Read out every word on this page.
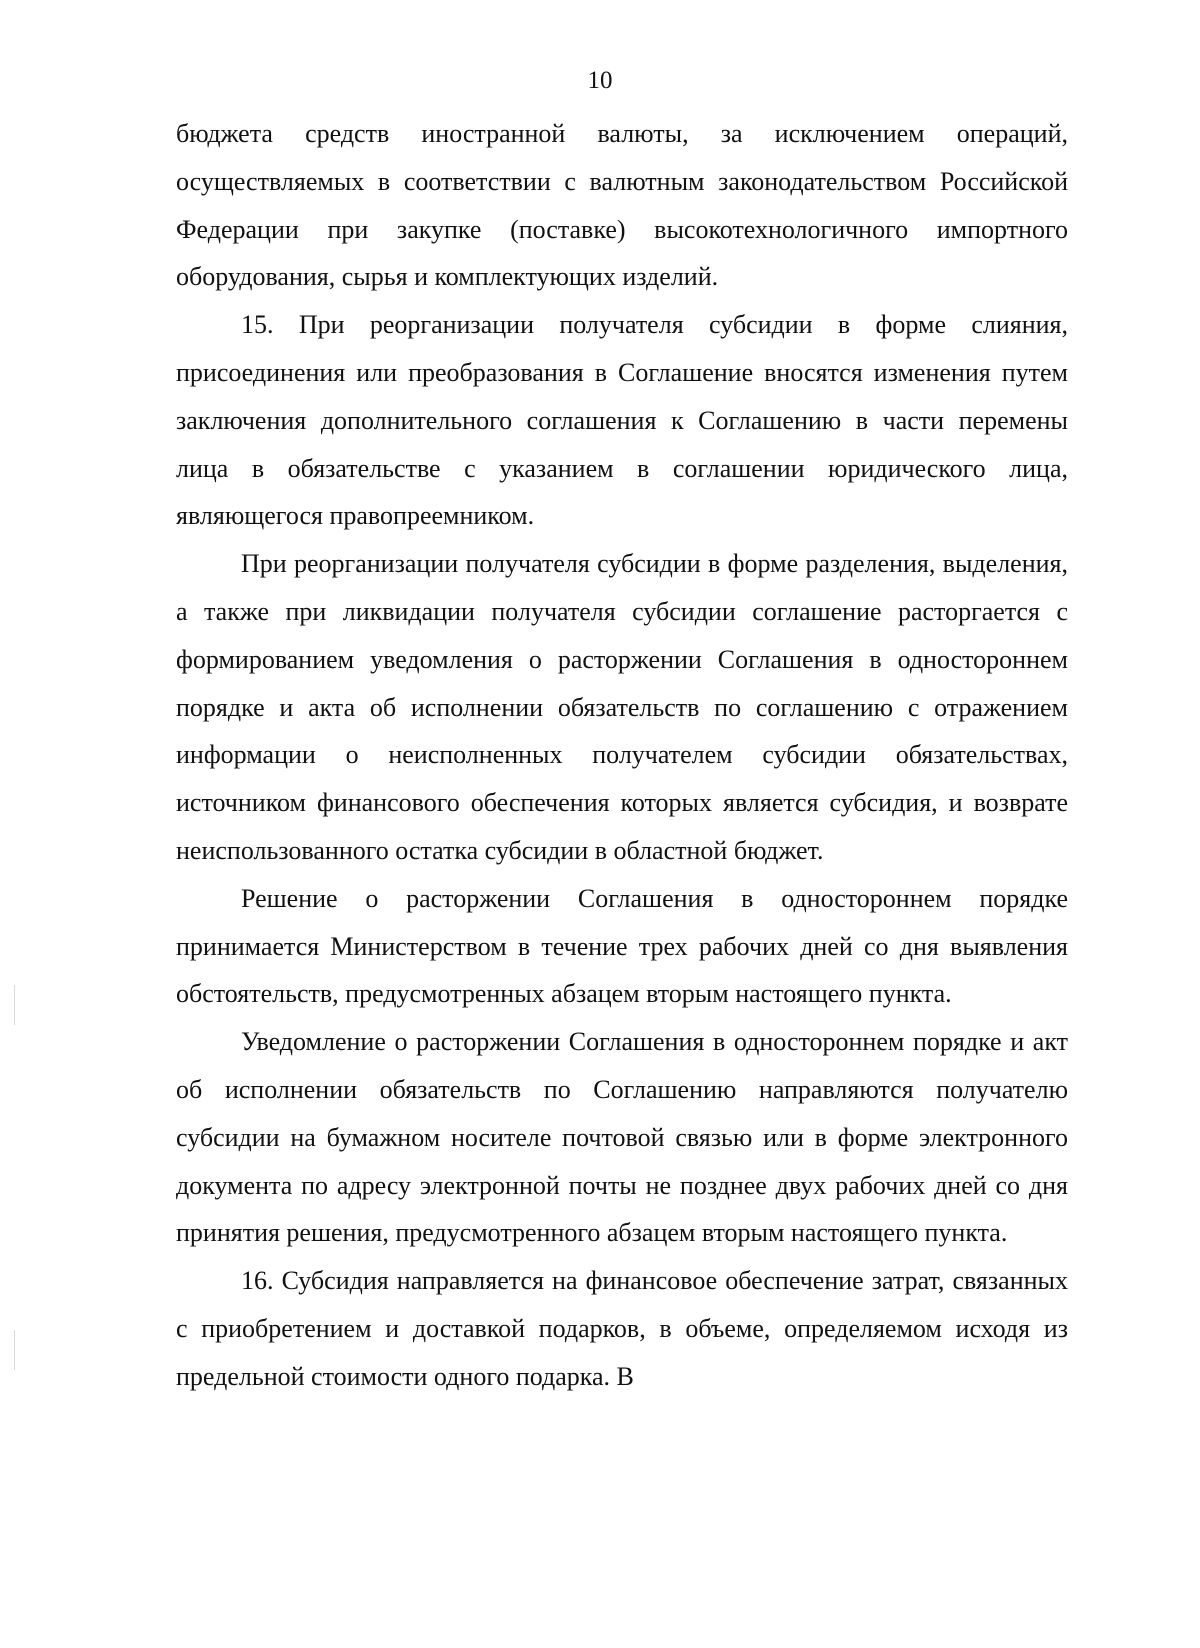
10

бюджета средств иностранной валюты, за исключением операций, осуществляемых в соответствии с валютным законодательством Российской Федерации при закупке (поставке) высокотехнологичного импортного оборудования, сырья и комплектующих изделий.

15. При реорганизации получателя субсидии в форме слияния, присоединения или преобразования в Соглашение вносятся изменения путем заключения дополнительного соглашения к Соглашению в части перемены лица в обязательстве с указанием в соглашении юридического лица, являющегося правопреемником.

При реорганизации получателя субсидии в форме разделения, выделения, а также при ликвидации получателя субсидии соглашение расторгается с формированием уведомления о расторжении Соглашения в одностороннем порядке и акта об исполнении обязательств по соглашению с отражением информации о неисполненных получателем субсидии обязательствах, источником финансового обеспечения которых является субсидия, и возврате неиспользованного остатка субсидии в областной бюджет.

Решение о расторжении Соглашения в одностороннем порядке принимается Министерством в течение трех рабочих дней со дня выявления обстоятельств, предусмотренных абзацем вторым настоящего пункта.

Уведомление о расторжении Соглашения в одностороннем порядке и акт об исполнении обязательств по Соглашению направляются получателю субсидии на бумажном носителе почтовой связью или в форме электронного документа по адресу электронной почты не позднее двух рабочих дней со дня принятия решения, предусмотренного абзацем вторым настоящего пункта.

16. Субсидия направляется на финансовое обеспечение затрат, связанных с приобретением и доставкой подарков, в объеме, определяемом исходя из предельной стоимости одного подарка. В
